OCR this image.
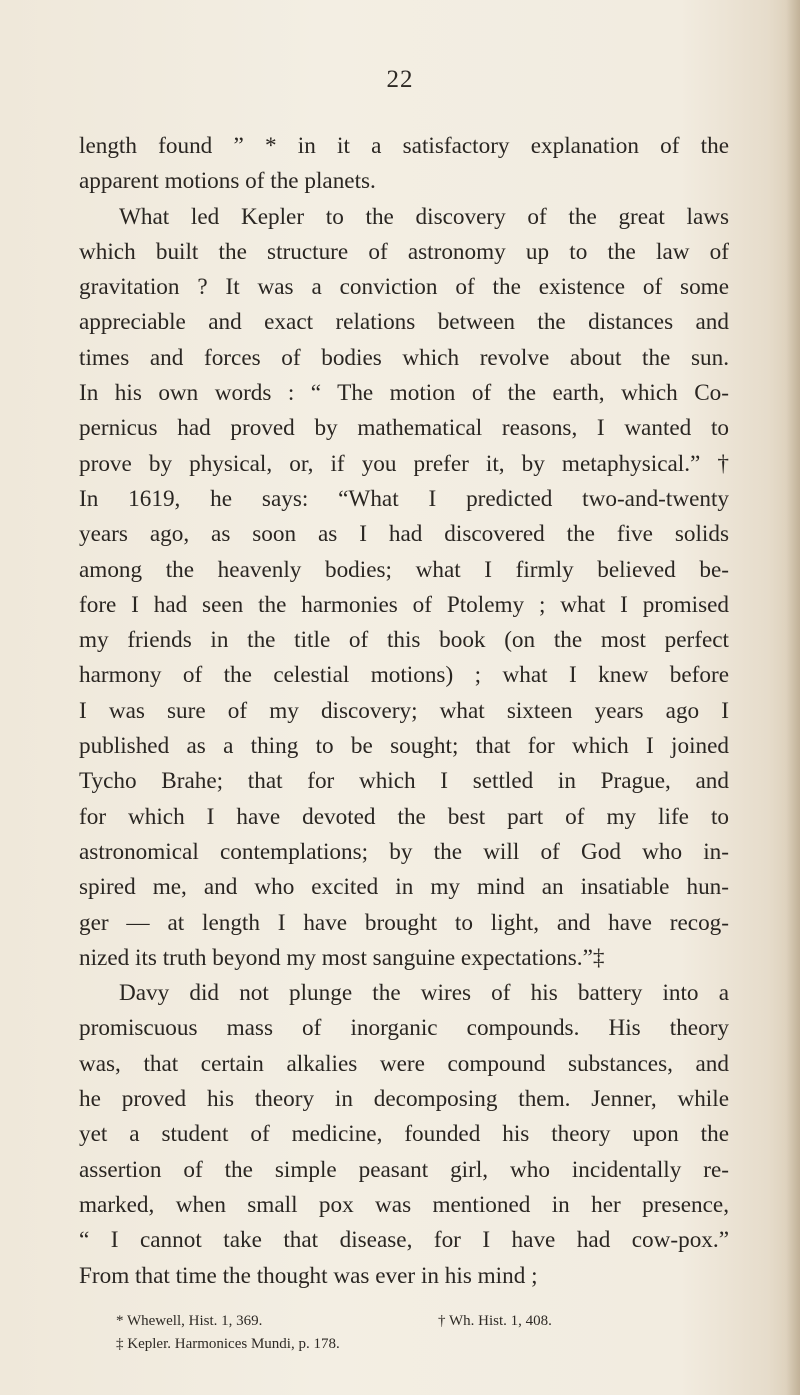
22
length found ” * in it a satisfactory explanation of the
apparent motions of the planets.
What led Kepler to the discovery of the great laws
which built the structure of astronomy up to the law of
gravitation ? It was a conviction of the existence of some
appreciable and exact relations between the distances and
times and forces of bodies which revolve about the sun.
In his own words : “ The motion of the earth, which Co-
pernicus had proved by mathematical reasons, I wanted to
prove by physical, or, if you prefer it, by metaphysical.” †
In 1619, he says: “What I predicted two-and-twenty
years ago, as soon as I had discovered the five solids
among the heavenly bodies; what I firmly believed be-
fore I had seen the harmonies of Ptolemy ; what I promised
my friends in the title of this book (on the most perfect
harmony of the celestial motions) ; what I knew before
I was sure of my discovery; what sixteen years ago I
published as a thing to be sought; that for which I joined
Tycho Brahe; that for which I settled in Prague, and
for which I have devoted the best part of my life to
astronomical contemplations; by the will of God who in-
spired me, and who excited in my mind an insatiable hun-
ger — at length I have brought to light, and have recog-
nized its truth beyond my most sanguine expectations.”‡
Davy did not plunge the wires of his battery into a
promiscuous mass of inorganic compounds. His theory
was, that certain alkalies were compound substances, and
he proved his theory in decomposing them. Jenner, while
yet a student of medicine, founded his theory upon the
assertion of the simple peasant girl, who incidentally re-
marked, when small pox was mentioned in her presence,
“ I cannot take that disease, for I have had cow-pox.”
From that time the thought was ever in his mind ;
* Whewell, Hist. 1, 369.	† Wh. Hist. 1, 408.
‡ Kepler. Harmonices Mundi, p. 178.
